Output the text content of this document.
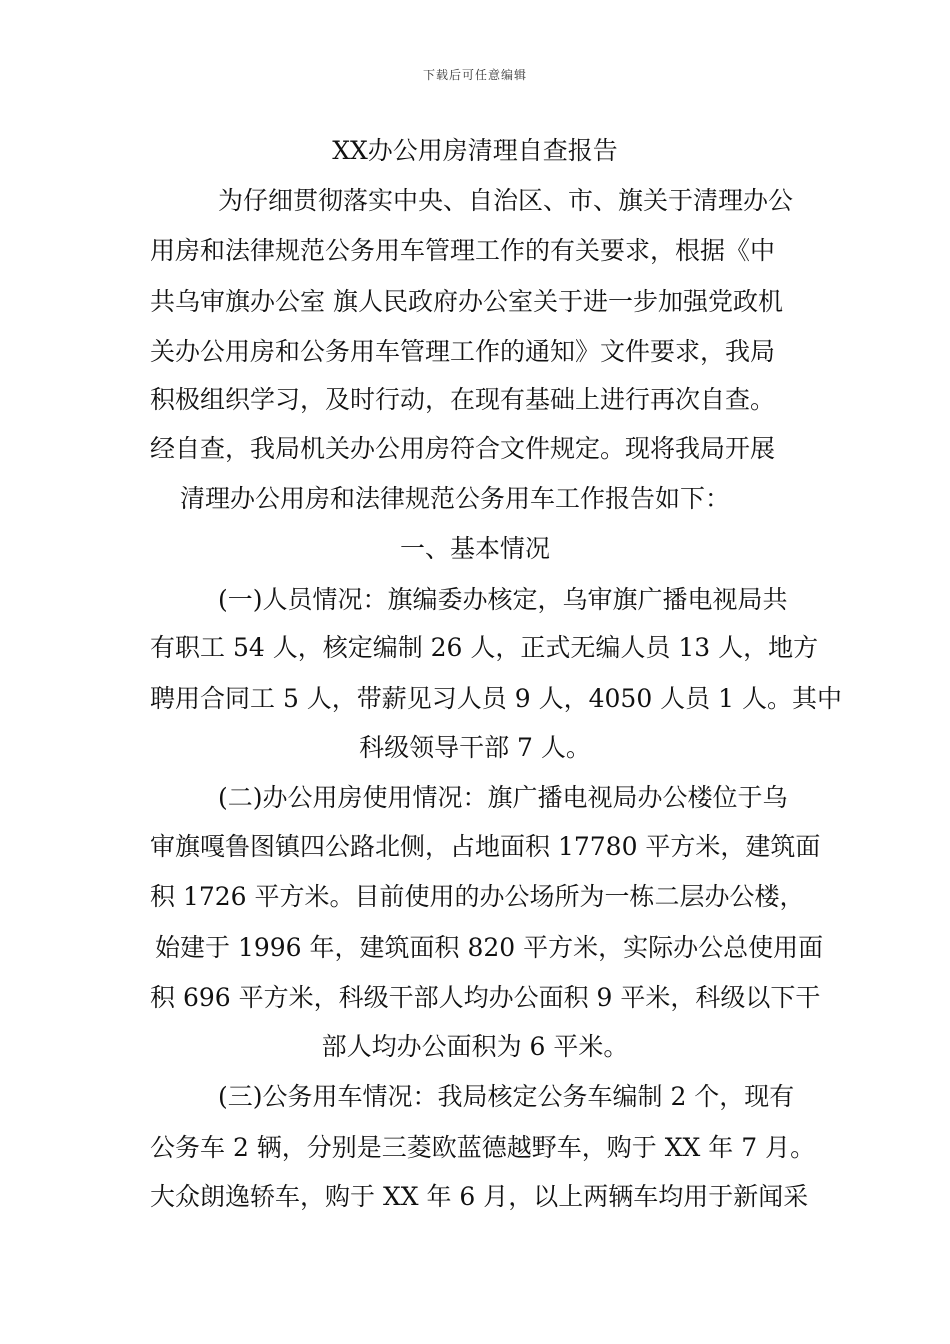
下载后可任意编辑
XX办公用房清理自查报告
为仔细贯彻落实中央、自治区、市、旗关于清理办公
用房和法律规范公务用车管理工作的有关要求，根据《中
共乌审旗办公室 旗人民政府办公室关于进一步加强党政机
关办公用房和公务用车管理工作的通知》文件要求，我局
积极组织学习，及时行动，在现有基础上进行再次自查。
经自查，我局机关办公用房符合文件规定。现将我局开展
清理办公用房和法律规范公务用车工作报告如下：
一、基本情况
(一)人员情况：旗编委办核定，乌审旗广播电视局共
有职工 54 人，核定编制 26 人，正式无编人员 13 人，地方
聘用合同工 5 人，带薪见习人员 9 人，4050 人员 1 人。其中
科级领导干部 7 人。
(二)办公用房使用情况：旗广播电视局办公楼位于乌
审旗嘎鲁图镇四公路北侧，占地面积 17780 平方米，建筑面
积 1726 平方米。目前使用的办公场所为一栋二层办公楼，
始建于 1996 年，建筑面积 820 平方米，实际办公总使用面
积 696 平方米，科级干部人均办公面积 9 平米，科级以下干
部人均办公面积为 6 平米。
(三)公务用车情况：我局核定公务车编制 2 个，现有
公务车 2 辆，分别是三菱欧蓝德越野车，购于 XX 年 7 月。
大众朗逸轿车，购于 XX 年 6 月，以上两辆车均用于新闻采
